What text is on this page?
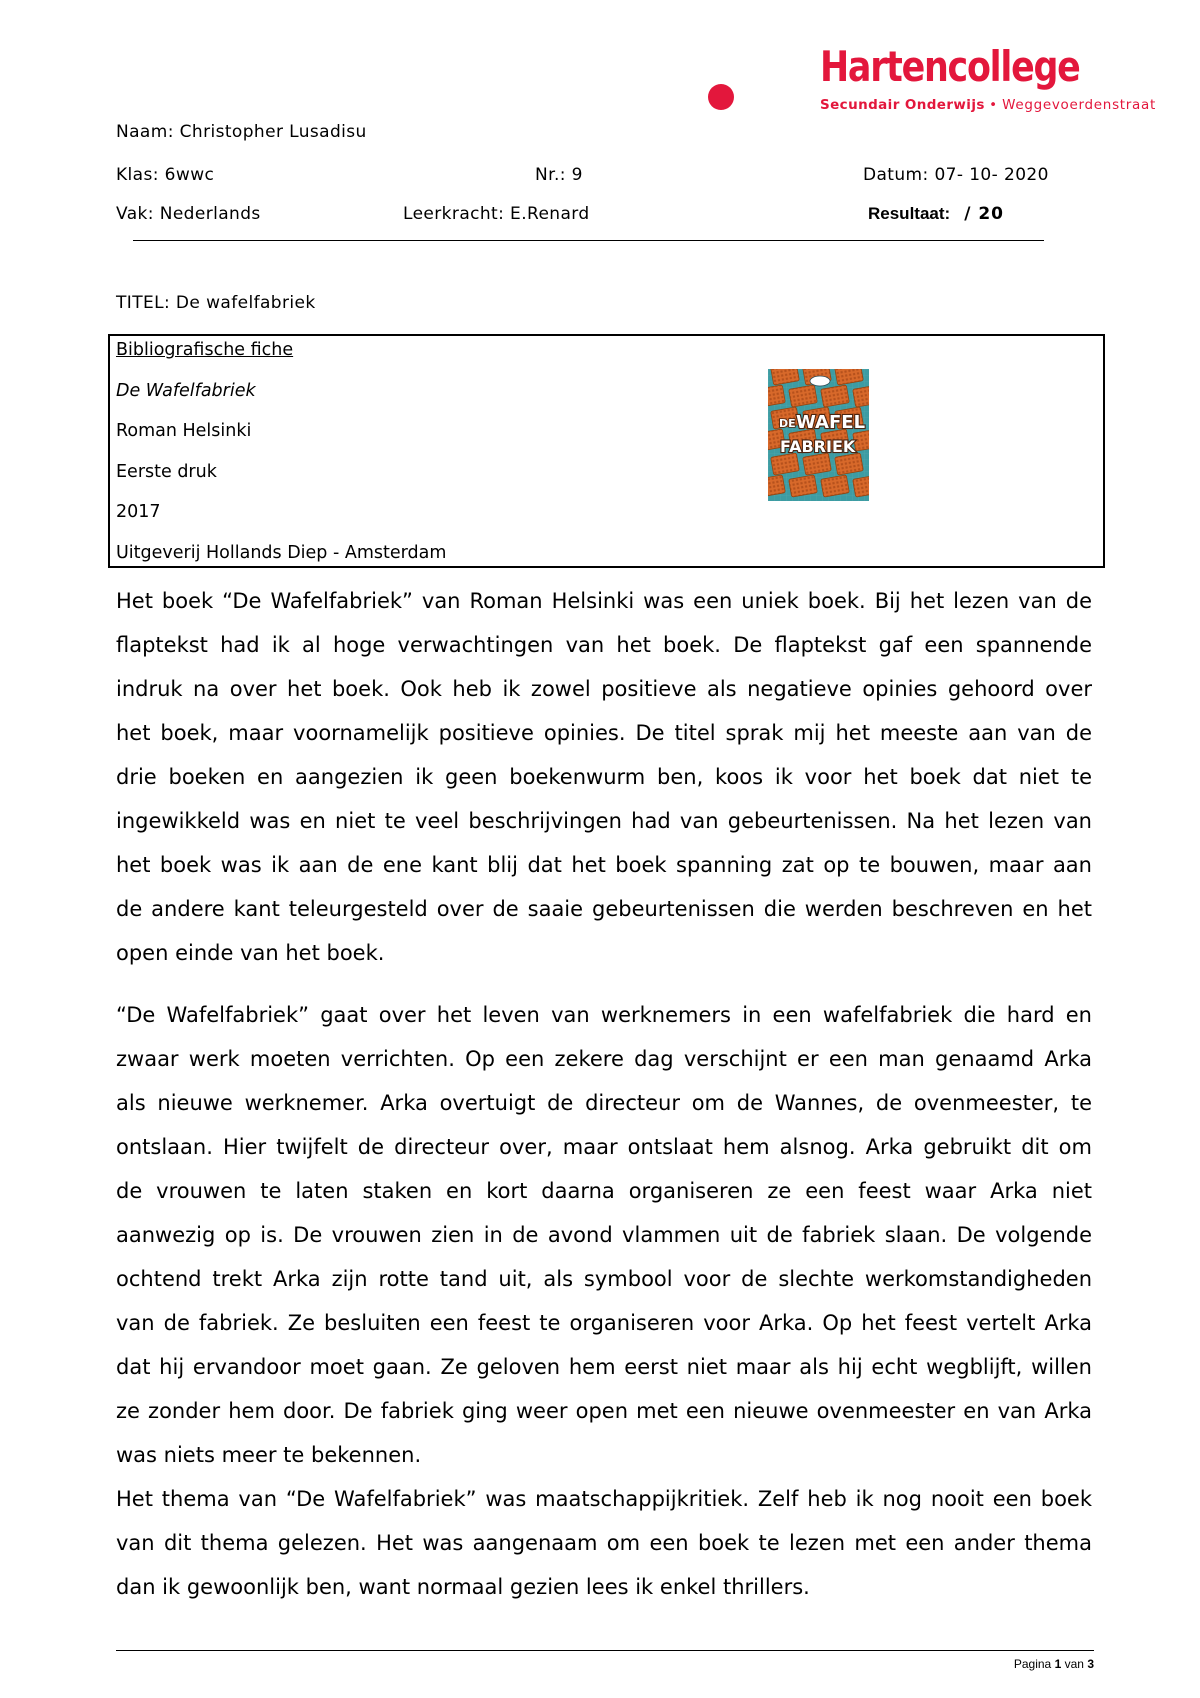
Hartencollege
Secundair Onderwijs • Weggevoerdenstraat
Naam: Christopher Lusadisu
Klas: 6wwc	Nr.: 9	Datum: 07- 10- 2020
Vak: Nederlands	Leerkracht: E.Renard	Resultaat: / 20
TITEL: De wafelfabriek
Bibliografische fiche
De Wafelfabriek
Roman Helsinki
Eerste druk
2017
Uitgeverij Hollands Diep - Amsterdam
DE WAFEL
FABRIEK
Het boek “De Wafelfabriek” van Roman Helsinki was een uniek boek. Bij het lezen van de
flaptekst had ik al hoge verwachtingen van het boek. De flaptekst gaf een spannende
indruk na over het boek. Ook heb ik zowel positieve als negatieve opinies gehoord over
het boek, maar voornamelijk positieve opinies. De titel sprak mij het meeste aan van de
drie boeken en aangezien ik geen boekenwurm ben, koos ik voor het boek dat niet te
ingewikkeld was en niet te veel beschrijvingen had van gebeurtenissen. Na het lezen van
het boek was ik aan de ene kant blij dat het boek spanning zat op te bouwen, maar aan
de andere kant teleurgesteld over de saaie gebeurtenissen die werden beschreven en het
open einde van het boek.
“De Wafelfabriek” gaat over het leven van werknemers in een wafelfabriek die hard en
zwaar werk moeten verrichten. Op een zekere dag verschijnt er een man genaamd Arka
als nieuwe werknemer. Arka overtuigt de directeur om de Wannes, de ovenmeester, te
ontslaan. Hier twijfelt de directeur over, maar ontslaat hem alsnog. Arka gebruikt dit om
de vrouwen te laten staken en kort daarna organiseren ze een feest waar Arka niet
aanwezig op is. De vrouwen zien in de avond vlammen uit de fabriek slaan. De volgende
ochtend trekt Arka zijn rotte tand uit, als symbool voor de slechte werkomstandigheden
van de fabriek. Ze besluiten een feest te organiseren voor Arka. Op het feest vertelt Arka
dat hij ervandoor moet gaan. Ze geloven hem eerst niet maar als hij echt wegblijft, willen
ze zonder hem door. De fabriek ging weer open met een nieuwe ovenmeester en van Arka
was niets meer te bekennen.
Het thema van “De Wafelfabriek” was maatschappijkritiek. Zelf heb ik nog nooit een boek
van dit thema gelezen. Het was aangenaam om een boek te lezen met een ander thema
dan ik gewoonlijk ben, want normaal gezien lees ik enkel thrillers.
Pagina 1 van 3
